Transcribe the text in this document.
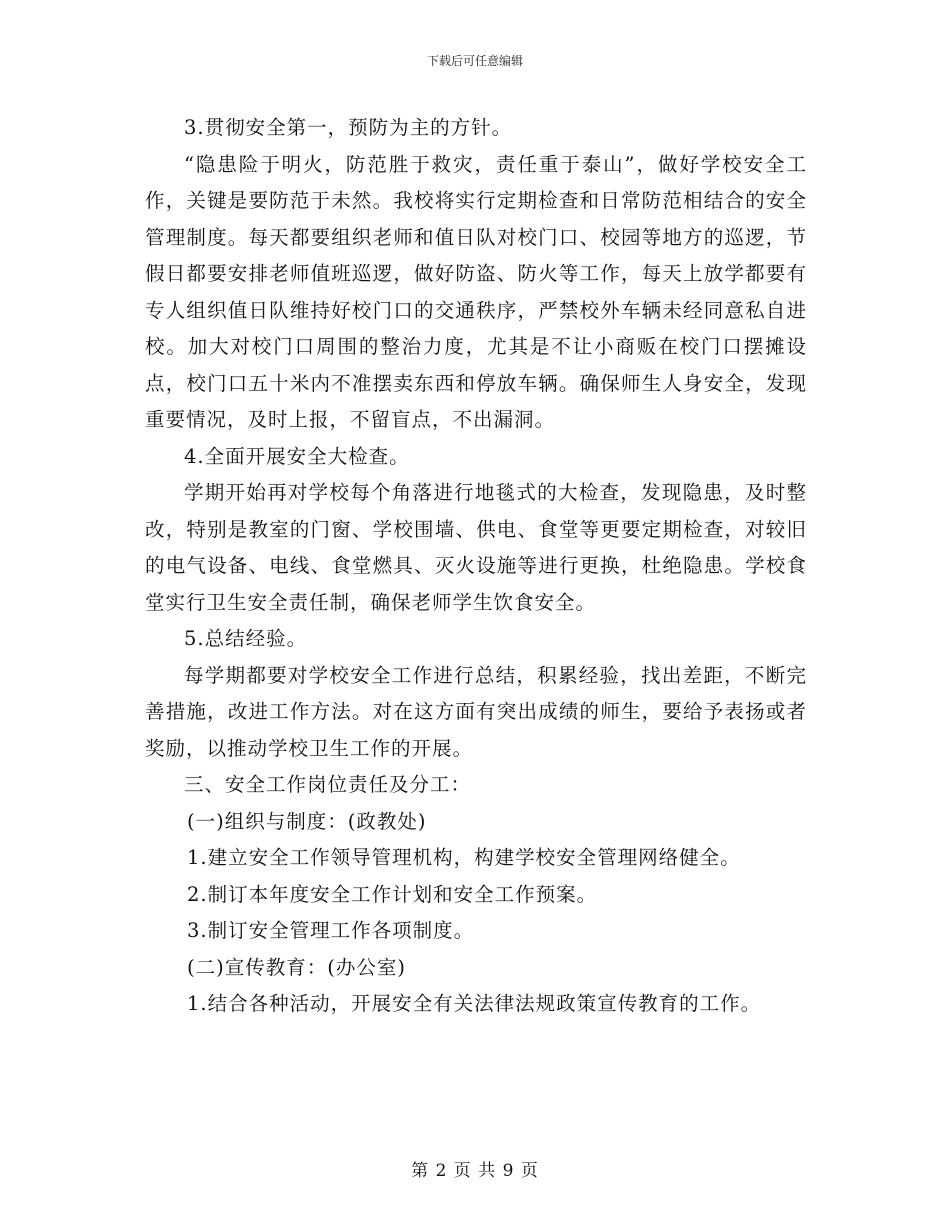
下载后可任意编辑

3.贯彻安全第一，预防为主的方针。

“隐患险于明火，防范胜于救灾，责任重于泰山”，做好学校安全工作，关键是要防范于未然。我校将实行定期检查和日常防范相结合的安全管理制度。每天都要组织老师和值日队对校门口、校园等地方的巡逻，节假日都要安排老师值班巡逻，做好防盗、防火等工作，每天上放学都要有专人组织值日队维持好校门口的交通秩序，严禁校外车辆未经同意私自进校。加大对校门口周围的整治力度，尤其是不让小商贩在校门口摆摊设点，校门口五十米内不准摆卖东西和停放车辆。确保师生人身安全，发现重要情况，及时上报，不留盲点，不出漏洞。

4.全面开展安全大检查。

学期开始再对学校每个角落进行地毯式的大检查，发现隐患，及时整改，特别是教室的门窗、学校围墙、供电、食堂等更要定期检查，对较旧的电气设备、电线、食堂燃具、灭火设施等进行更换，杜绝隐患。学校食堂实行卫生安全责任制，确保老师学生饮食安全。

5.总结经验。

每学期都要对学校安全工作进行总结，积累经验，找出差距，不断完善措施，改进工作方法。对在这方面有突出成绩的师生，要给予表扬或者奖励，以推动学校卫生工作的开展。

三、安全工作岗位责任及分工：

(一)组织与制度：(政教处)

1.建立安全工作领导管理机构，构建学校安全管理网络健全。

2.制订本年度安全工作计划和安全工作预案。

3.制订安全管理工作各项制度。

(二)宣传教育：(办公室)

1.结合各种活动，开展安全有关法律法规政策宣传教育的工作。

第 2 页 共 9 页
